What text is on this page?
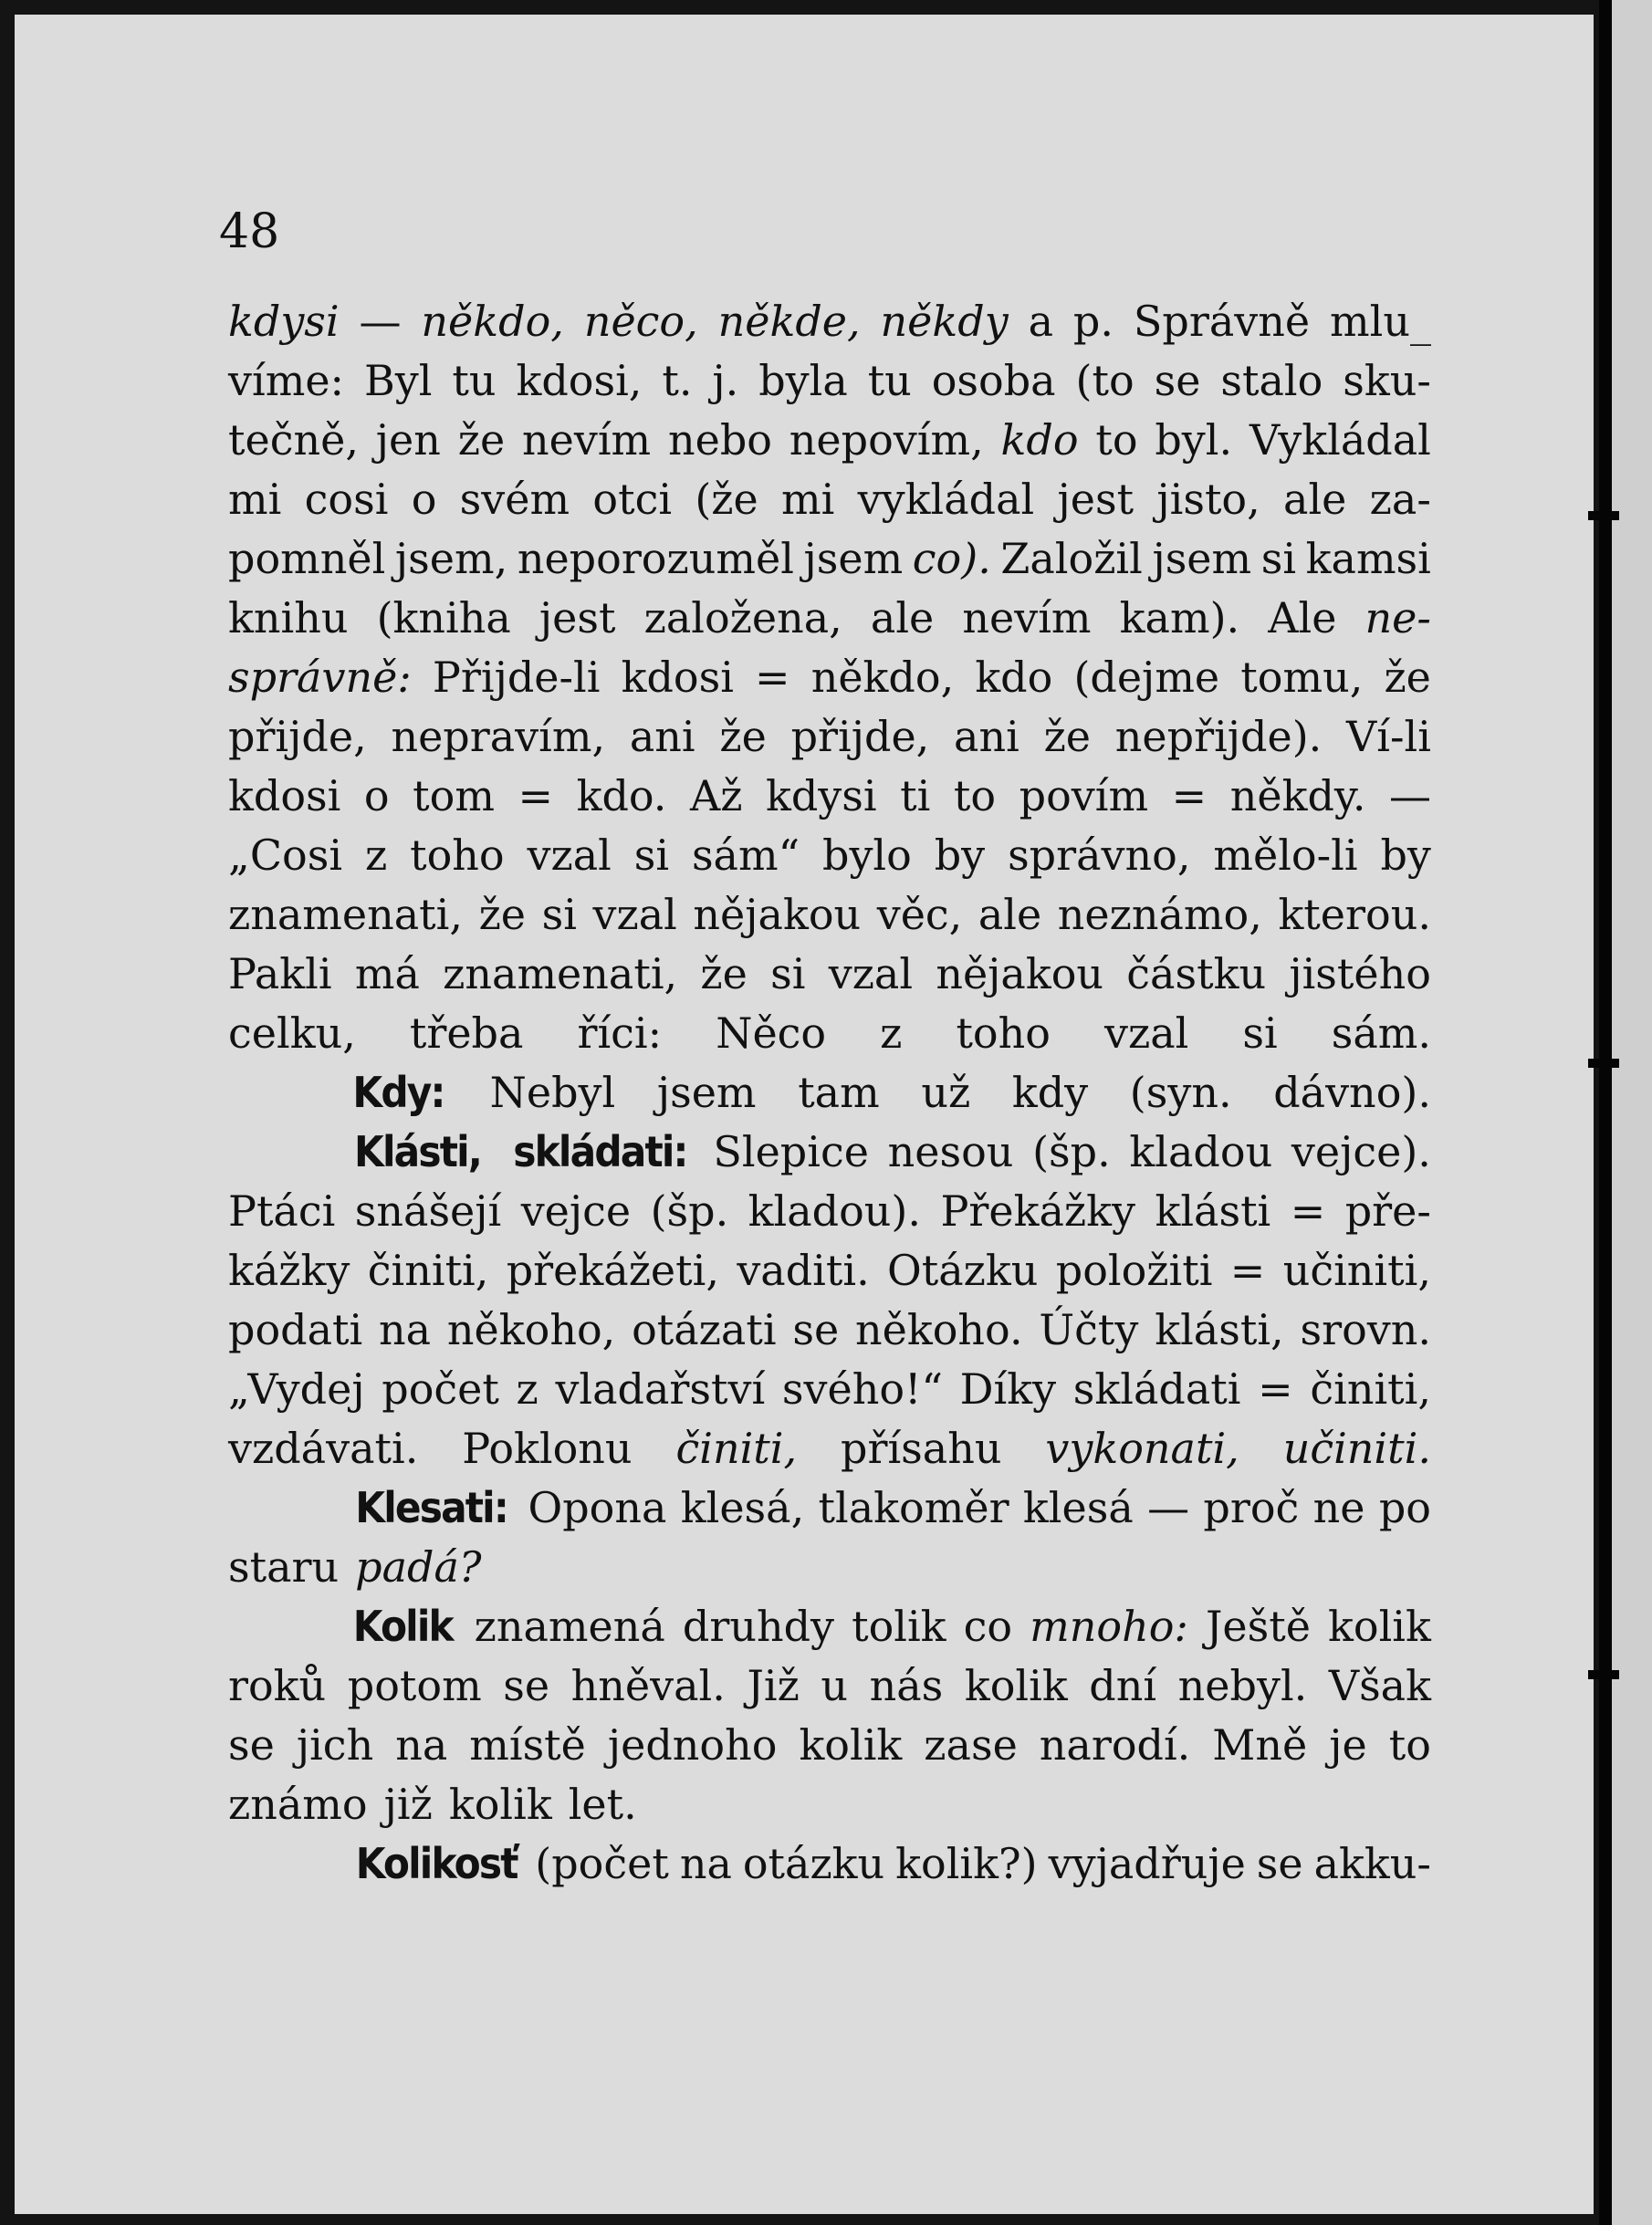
48
kdysi — někdo, něco, někde, někdy a p. Správně mlu_
víme: Byl tu kdosi, t. j. byla tu osoba (to se stalo sku-
tečně, jen že nevím nebo nepovím, kdo to byl. Vykládal
mi cosi o svém otci (že mi vykládal jest jisto, ale za-
pomněl jsem, neporozuměl jsem co). Založil jsem si kamsi
knihu (kniha jest založena, ale nevím kam). Ale ne-
správně: Přijde-li kdosi = někdo, kdo (dejme tomu, že
přijde, nepravím, ani že přijde, ani že nepřijde). Ví-li
kdosi o tom = kdo. Až kdysi ti to povím = někdy. —
„Cosi z toho vzal si sám“ bylo by správno, mělo-li by
znamenati, že si vzal nějakou věc, ale neznámo, kterou.
Pakli má znamenati, že si vzal nějakou částku jistého
celku, třeba říci: Něco z toho vzal si sám.
Kdy: Nebyl jsem tam už kdy (syn. dávno).
Klásti, skládati: Slepice nesou (šp. kladou vejce).
Ptáci snášejí vejce (šp. kladou). Překážky klásti = pře-
kážky činiti, překážeti, vaditi. Otázku položiti = učiniti,
podati na někoho, otázati se někoho. Účty klásti, srovn.
„Vydej počet z vladařství svého!“ Díky skládati = činiti,
vzdávati. Poklonu činiti, přísahu vykonati, učiniti.
Klesati: Opona klesá, tlakoměr klesá — proč ne po
staru padá?
Kolik znamená druhdy tolik co mnoho: Ještě kolik
roků potom se hněval. Již u nás kolik dní nebyl. Však
se jich na místě jednoho kolik zase narodí. Mně je to
známo již kolik let.
Kolikosť (počet na otázku kolik?) vyjadřuje se akku-
